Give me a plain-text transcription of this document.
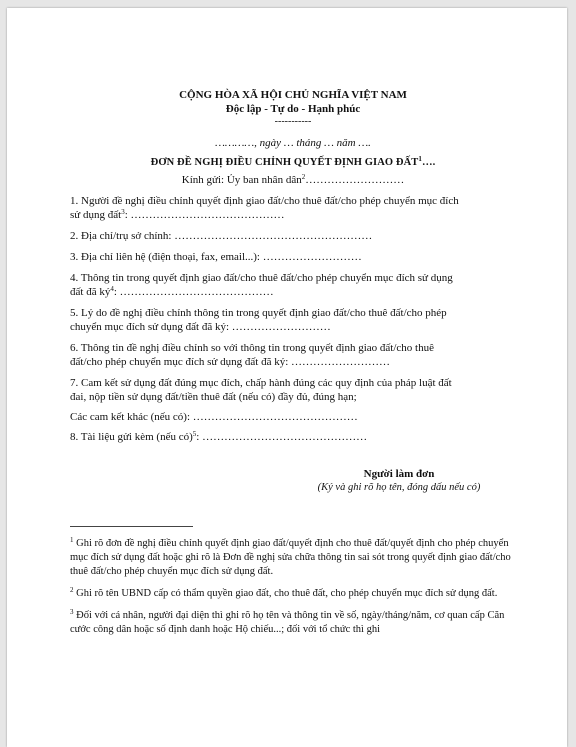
CỘNG HÒA XÃ HỘI CHỦ NGHĨA VIỆT NAM
Độc lập - Tự do - Hạnh phúc
-----------
…………, ngày … tháng … năm ….
ĐƠN ĐỀ NGHỊ ĐIỀU CHỈNH QUYẾT ĐỊNH GIAO ĐẤT$^1$….
Kính gửi: Ủy ban nhân dân$^2$………………………
1. Người đề nghị điều chỉnh quyết định giao đất/cho thuê đất/cho phép chuyển mục đích
sử dụng đất$^3$: ……………………………………
2. Địa chỉ/trụ sở chính: ………………………………………………
3. Địa chỉ liên hệ (điện thoại, fax, email...): ………………………
4. Thông tin trong quyết định giao đất/cho thuê đất/cho phép chuyển mục đích sử dụng
đất đã $ký^4$: ……………………………………
5. Lý do đề nghị điều chỉnh thông tin trong quyết định giao đất/cho thuê đất/cho phép
chuyển mục đích sử dụng đất đã ký: ………………………
6. Thông tin đề nghị điều chỉnh so với thông tin trong quyết định giao đất/cho thuê
đất/cho phép chuyển mục đích sử dụng đất đã ký: ………………………
7. Cam kết sử dụng đất đúng mục đích, chấp hành đúng các quy định của pháp luật đất
đai, nộp tiền sử dụng đất/tiền thuê đất (nếu có) đầy đủ, đúng hạn;
Các cam kết khác (nếu có): ………………………………………
8. Tài liệu gửi kèm (nếu có)$^5$: ………………………………………
Người làm đơn
(Ký và ghi rõ họ tên, đóng dấu nếu có)
$^1$ Ghi rõ đơn đề nghị điều chỉnh quyết định giao đất/quyết định cho thuê đất/quyết định cho phép chuyển mục đích sử dụng đất hoặc ghi rõ là Đơn đề nghị sửa chữa thông tin sai sót trong quyết định giao đất/cho thuê đất/cho phép chuyển mục đích sử dụng đất.
$^2$ Ghi rõ tên UBND cấp có thẩm quyền giao đất, cho thuê đất, cho phép chuyển mục đích sử dụng đất.
$^3$ Đối với cá nhân, người đại diện thì ghi rõ họ tên và thông tin về số, ngày/tháng/năm, cơ quan cấp Căn cước công dân hoặc số định danh hoặc Hộ chiếu...; đối với tổ chức thì ghi
